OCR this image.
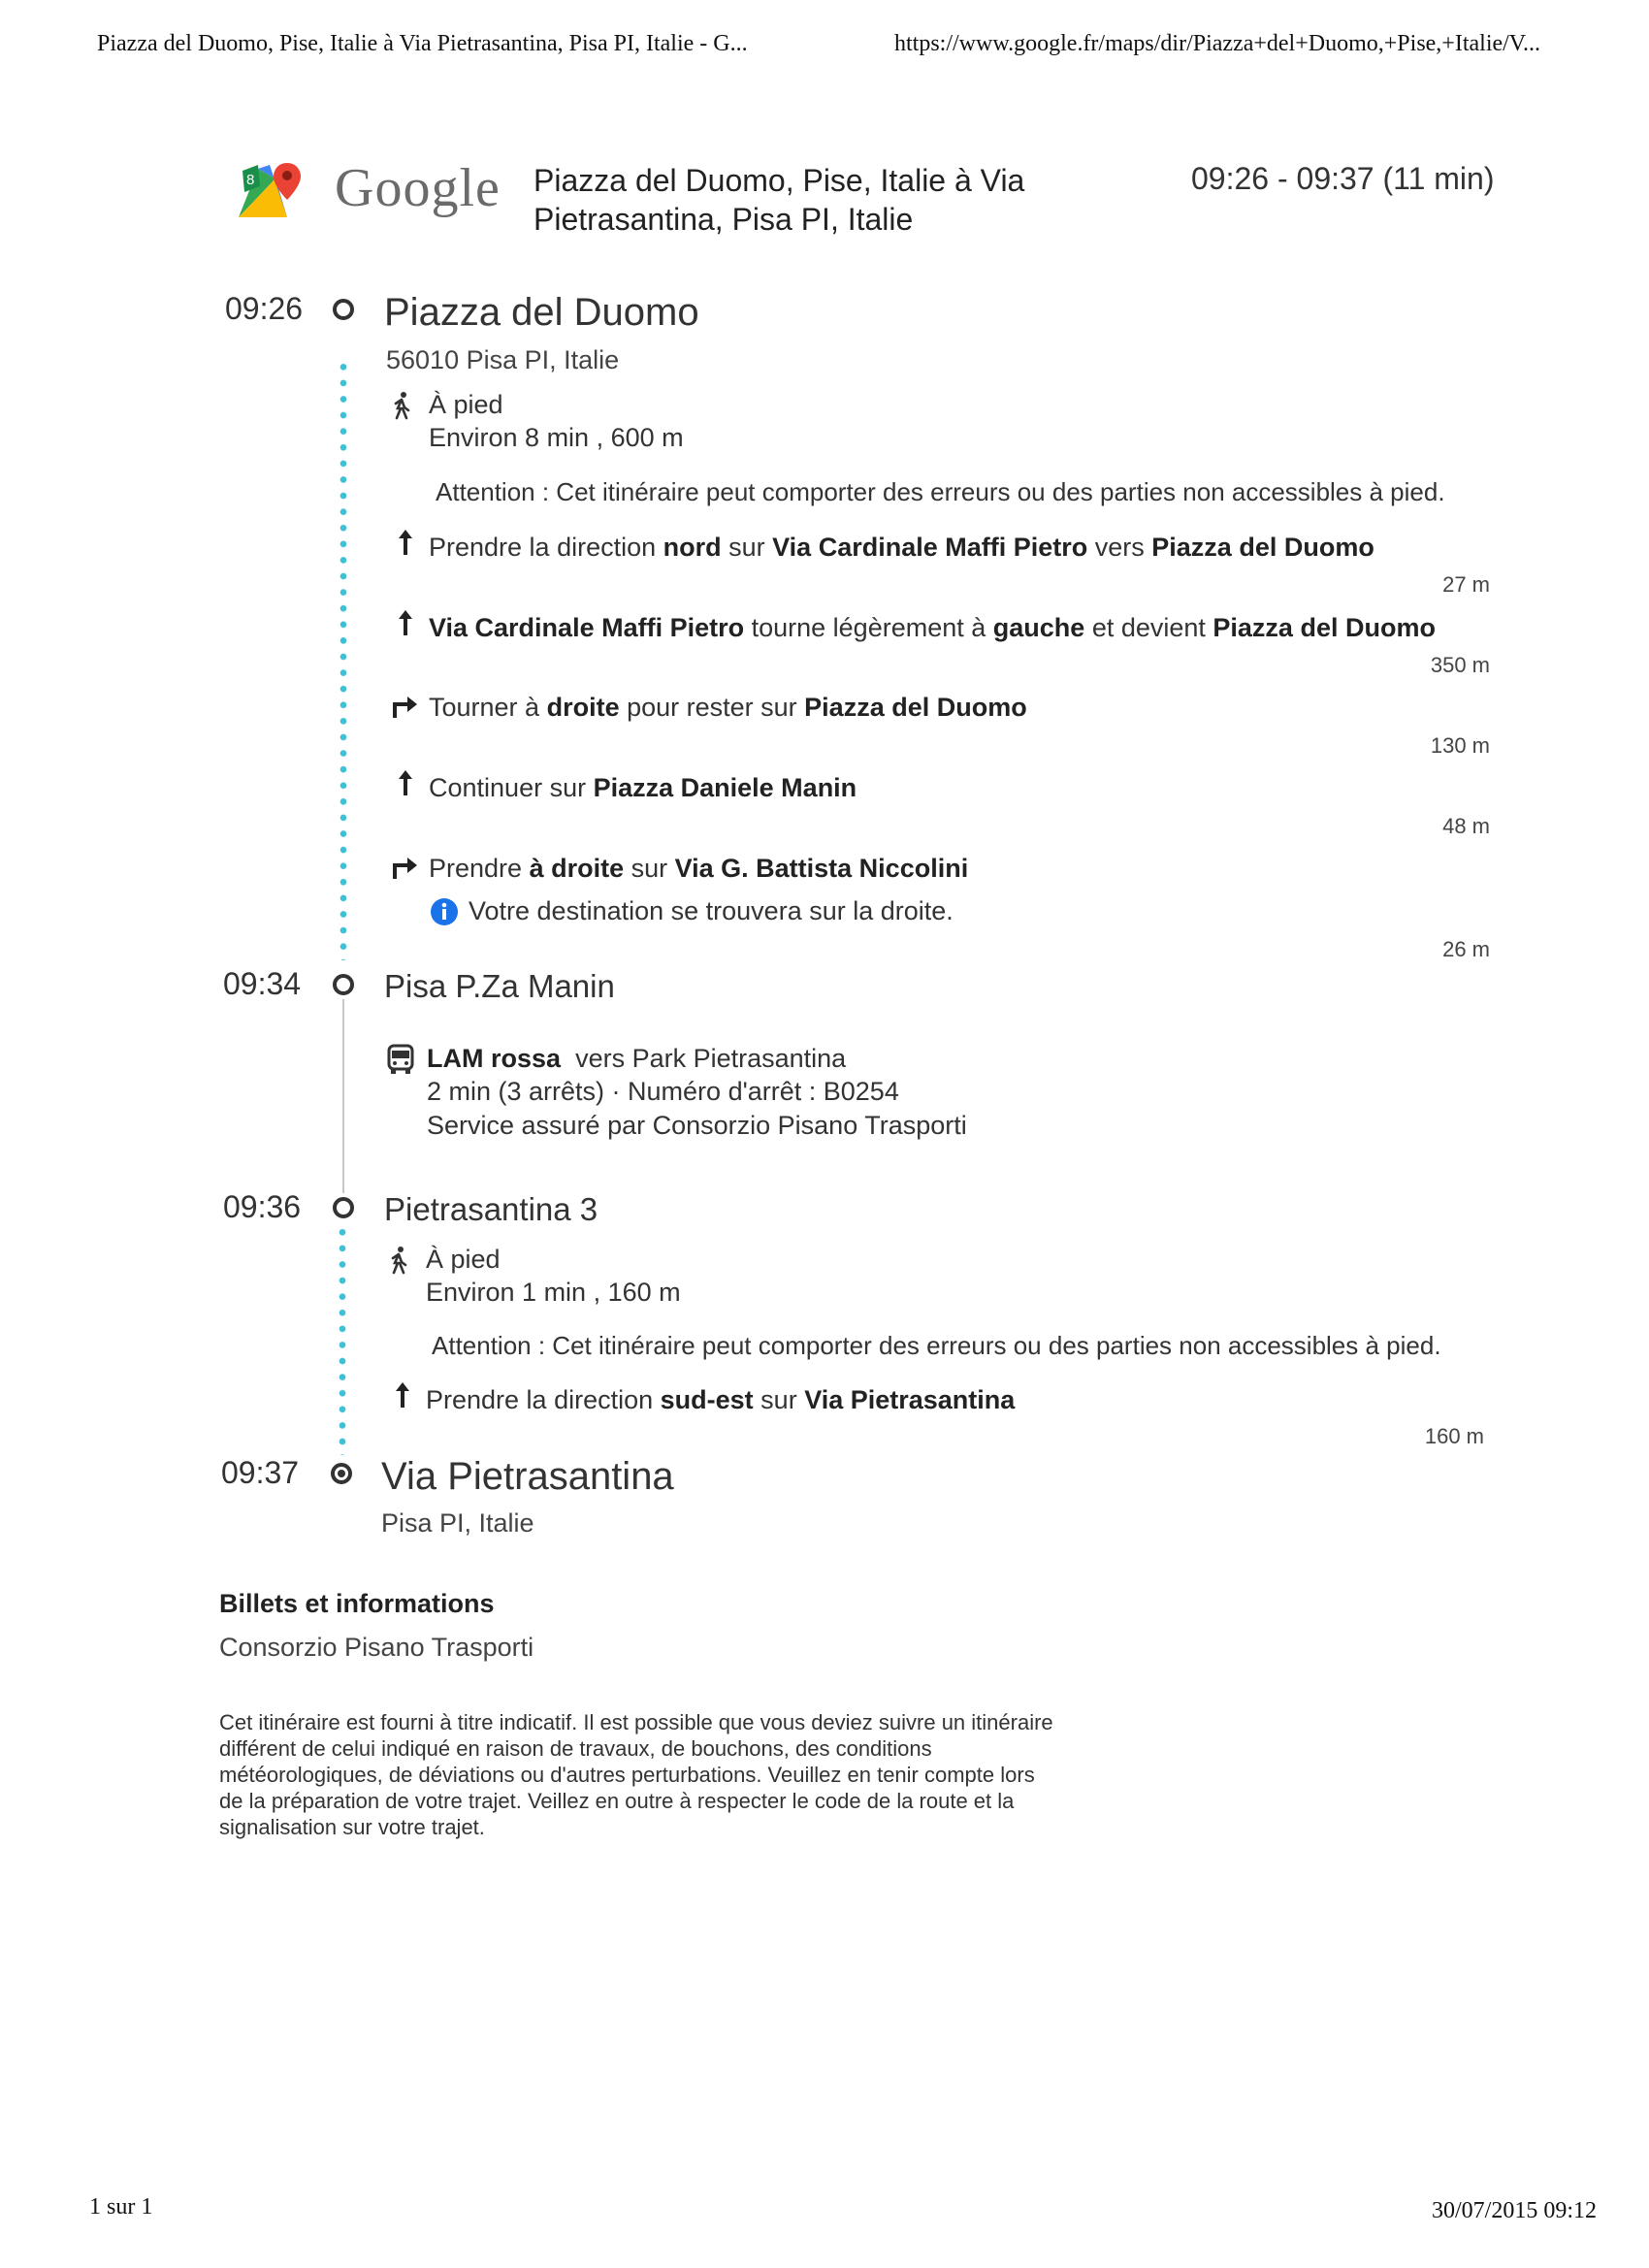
Piazza del Duomo, Pise, Italie à Via Pietrasantina, Pisa PI, Italie - G...	https://www.google.fr/maps/dir/Piazza+del+Duomo,+Pise,+Italie/V...
8 Google Piazza del Duomo, Pise, Italie à Via
Pietrasantina, Pisa PI, Italie
09:26 - 09:37 (11 min)
09:26 Piazza del Duomo
56010 Pisa PI, Italie
À pied
Environ 8 min , 600 m
Attention : Cet itinéraire peut comporter des erreurs ou des parties non accessibles à pied.
Prendre la direction nord sur Via Cardinale Maffi Pietro vers Piazza del Duomo
27 m
Via Cardinale Maffi Pietro tourne légèrement à gauche et devient Piazza del Duomo
350 m
Tourner à droite pour rester sur Piazza del Duomo
130 m
Continuer sur Piazza Daniele Manin
48 m
Prendre à droite sur Via G. Battista Niccolini
Votre destination se trouvera sur la droite.
26 m
09:34	Pisa P.Za Manin
LAM rossa vers Park Pietrasantina
2 min (3 arrêts) · Numéro d'arrêt : B0254
Service assuré par Consorzio Pisano Trasporti
09:36	Pietrasantina 3
À pied
Environ 1 min , 160 m
Attention : Cet itinéraire peut comporter des erreurs ou des parties non accessibles à pied.
Prendre la direction sud-est sur Via Pietrasantina
160 m
09:37 Via Pietrasantina
Pisa PI, Italie
Billets et informations
Consorzio Pisano Trasporti
Cet itinéraire est fourni à titre indicatif. Il est possible que vous deviez suivre un itinéraire différent de celui indiqué en raison de travaux, de bouchons, des conditions météorologiques, de déviations ou d'autres perturbations. Veuillez en tenir compte lors de la préparation de votre trajet. Veillez en outre à respecter le code de la route et la signalisation sur votre trajet.
1 sur 1	30/07/2015 09:12
